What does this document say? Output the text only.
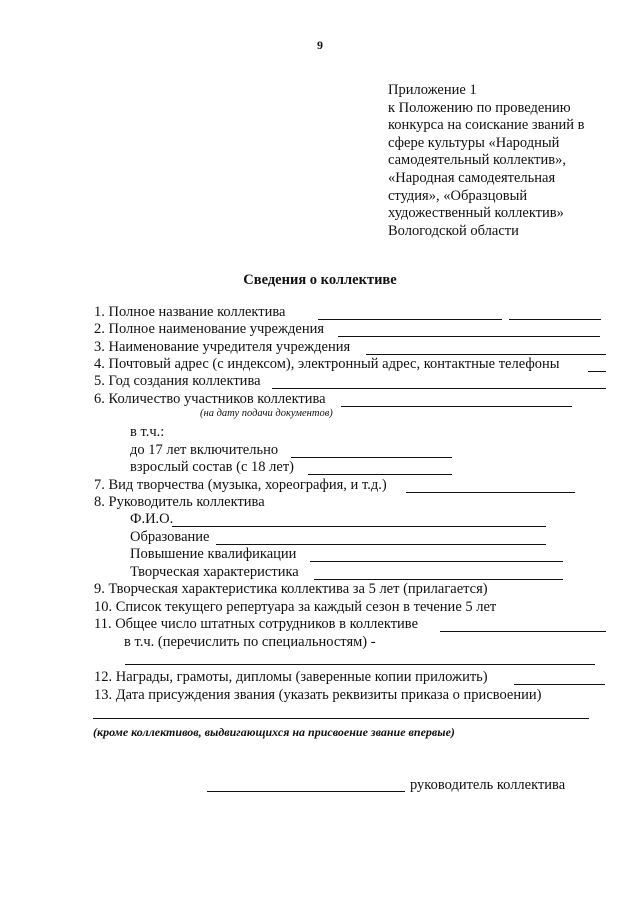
9
Приложение 1
к Положению по проведению
конкурса на соискание званий в
сфере культуры «Народный
самодеятельный коллектив»,
«Народная самодеятельная
студия», «Образцовый
художественный коллектив»
Вологодской области
Сведения о коллективе
1. Полное название коллектива
2. Полное наименование учреждения
3. Наименование учредителя учреждения
4. Почтовый адрес (с индексом), электронный адрес, контактные телефоны
5. Год создания коллектива
6. Количество участников коллектива
(на дату подачи документов)
в т.ч.:
до 17 лет включительно
взрослый состав (с 18 лет)
7. Вид творчества (музыка, хореография, и т.д.)
8. Руководитель коллектива
Ф.И.О.
Образование
Повышение квалификации
Творческая характеристика
9. Творческая характеристика коллектива за 5 лет (прилагается)
10. Список текущего репертуара за каждый сезон в течение 5 лет
11. Общее число штатных сотрудников в коллективе
в т.ч. (перечислить по специальностям) -
12. Награды, грамоты, дипломы (заверенные копии приложить)
13. Дата присуждения звания (указать реквизиты приказа о присвоении)
(кроме коллективов, выдвигающихся на присвоение звание впервые)
руководитель коллектива
